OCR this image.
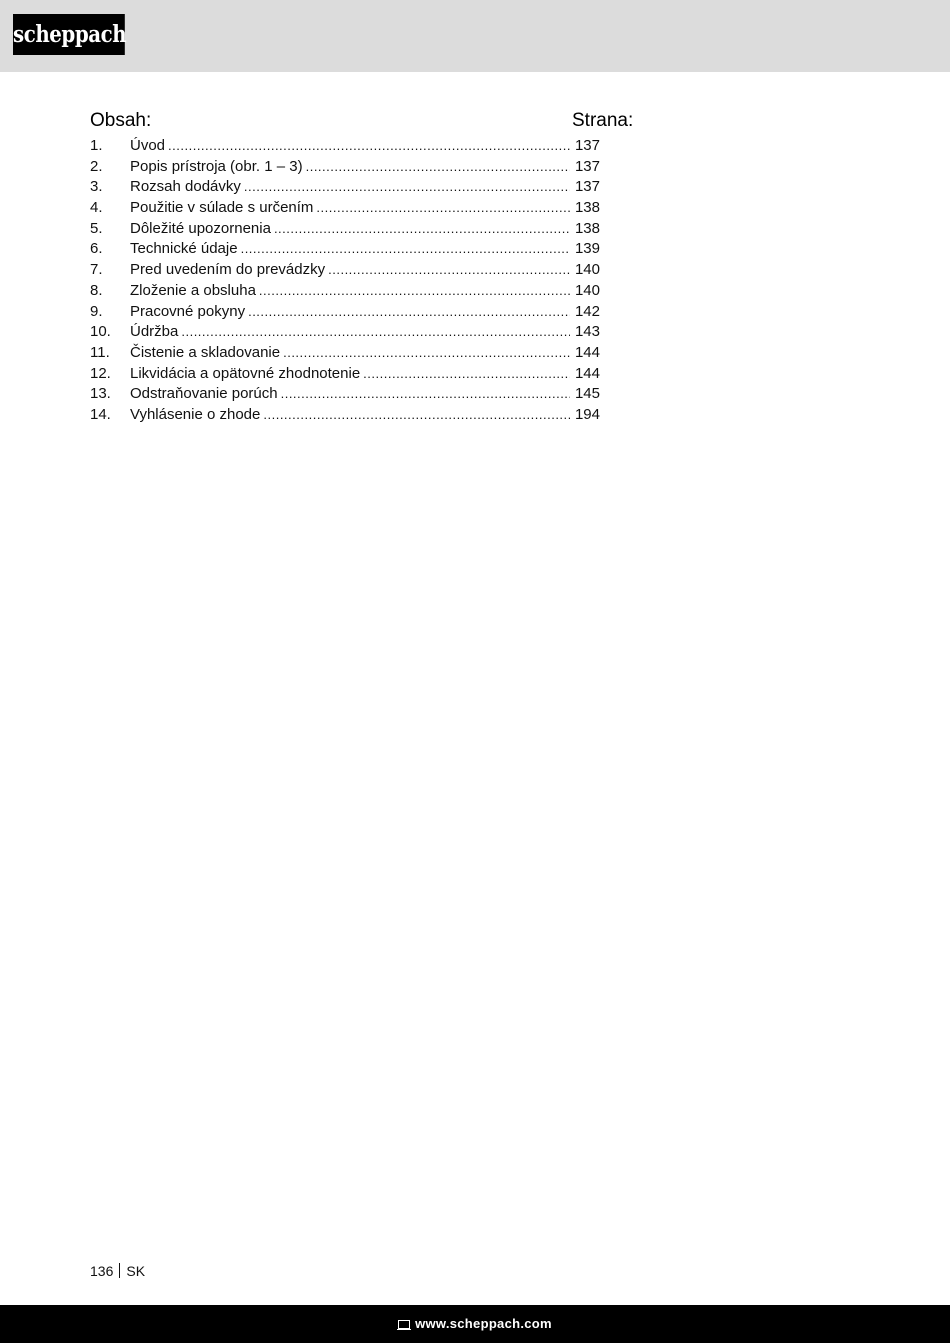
scheppach
Obsah:	Strana:
1. Úvod .....	137
2. Popis prístroja (obr. 1 – 3) .....	137
3. Rozsah dodávky .....	137
4. Použitie v súlade s určením .....	138
5. Dôležité upozornenia .....	138
6. Technické údaje .....	139
7. Pred uvedením do prevádzky .....	140
8. Zloženie a obsluha .....	140
9. Pracovné pokyny .....	142
10. Údržba .....	143
11. Čistenie a skladovanie .....	144
12. Likvidácia a opätovné zhodnotenie .....	144
13. Odstraňovanie porúch .....	145
14. Vyhlásenie o zhode .....	194
136 SK
www.scheppach.com
